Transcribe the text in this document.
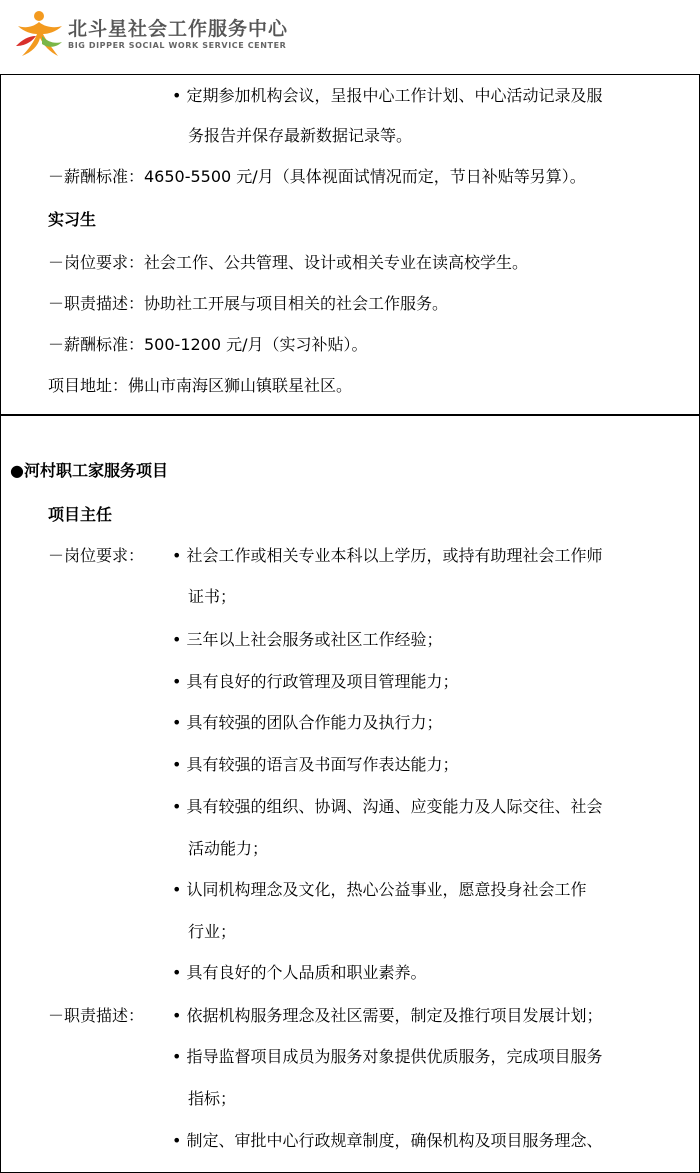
北斗星社会工作服务中心
BIG DIPPER SOCIAL WORK SERVICE CENTER
• 定期参加机构会议，呈报中心工作计划、中心活动记录及服
务报告并保存最新数据记录等。
－薪酬标准：4650-5500 元/月（具体视面试情况而定，节日补贴等另算）。
实习生
－岗位要求：社会工作、公共管理、设计或相关专业在读高校学生。
－职责描述：协助社工开展与项目相关的社会工作服务。
－薪酬标准：500-1200 元/月（实习补贴）。
项目地址：佛山市南海区狮山镇联星社区。
●河村职工家服务项目
项目主任
－岗位要求： • 社会工作或相关专业本科以上学历，或持有助理社会工作师
证书；
• 三年以上社会服务或社区工作经验；
• 具有良好的行政管理及项目管理能力；
• 具有较强的团队合作能力及执行力；
• 具有较强的语言及书面写作表达能力；
• 具有较强的组织、协调、沟通、应变能力及人际交往、社会
活动能力；
• 认同机构理念及文化，热心公益事业，愿意投身社会工作
行业；
• 具有良好的个人品质和职业素养。
－职责描述： • 依据机构服务理念及社区需要，制定及推行项目发展计划；
• 指导监督项目成员为服务对象提供优质服务，完成项目服务
指标；
• 制定、审批中心行政规章制度，确保机构及项目服务理念、
